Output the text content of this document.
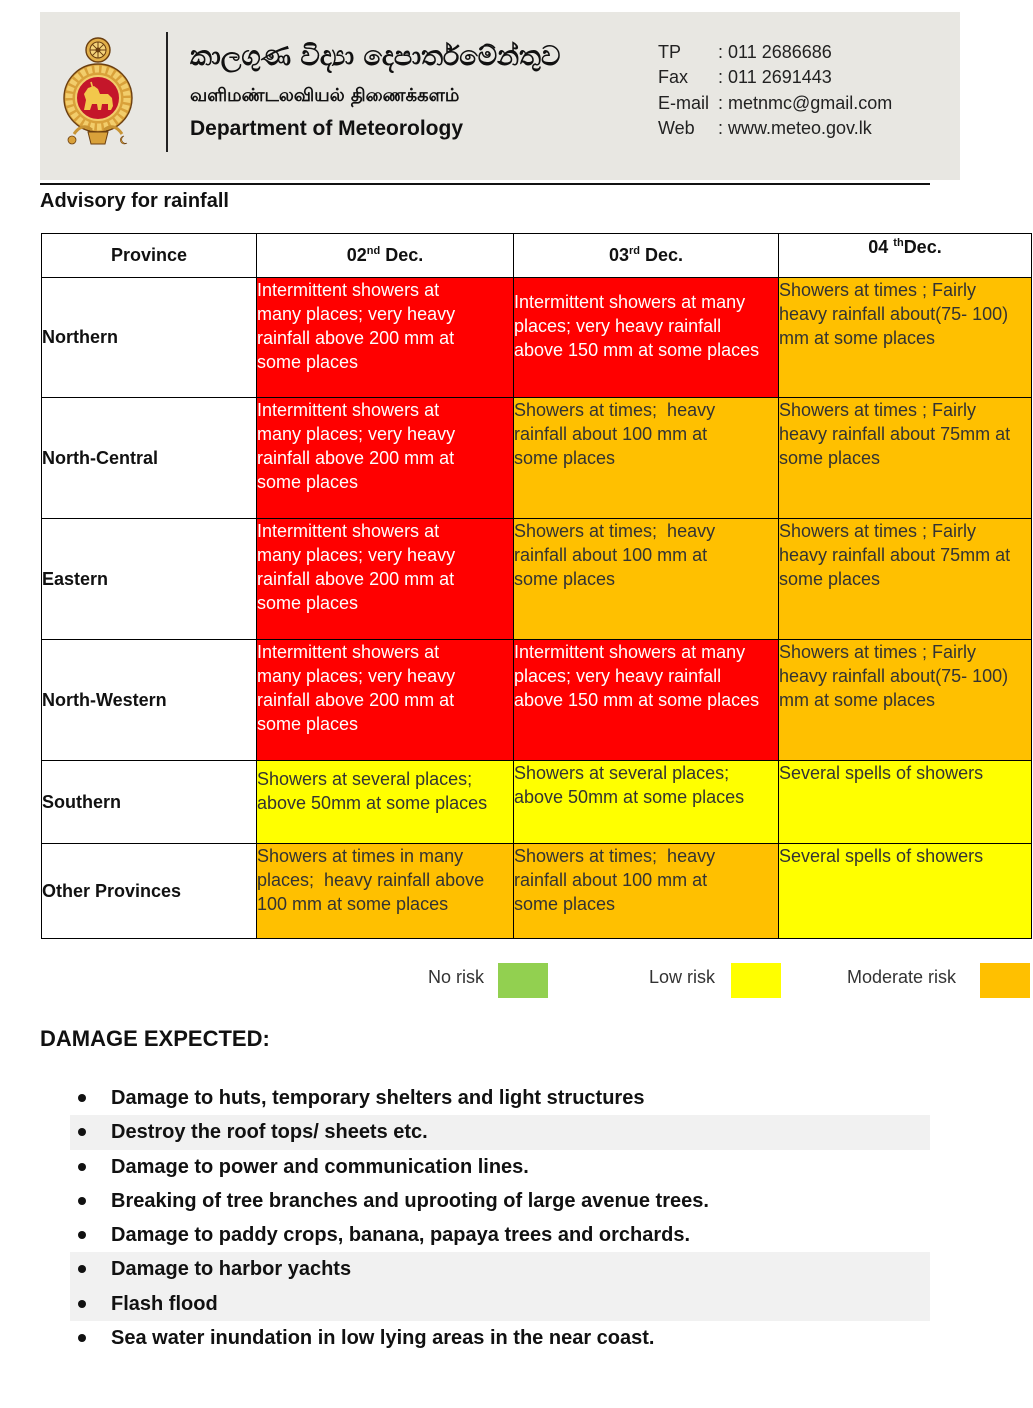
කාලගුණ විද්‍යා දෙපාර්තමේන්තුව
வளிமண்டலவியல் திணைக்களம்
Department of Meteorology
TP : 011 2686686
Fax : 011 2691443
E-mail : metnmc@gmail.com
Web : www.meteo.gov.lk
Advisory for rainfall
Province	02nd Dec.	03rd Dec.	04 $^{th}$Dec.
Northern	Intermittent showers at
many places; very heavy
rainfall above 200 mm at
some places	Intermittent showers at many
places; very heavy rainfall
above 150 mm at some places	Showers at times ; Fairly
heavy rainfall about(75- 100)
mm at some places
North-Central	Intermittent showers at
many places; very heavy
rainfall above 200 mm at
some places	Showers at times;  heavy
rainfall about 100 mm at
some places	Showers at times ; Fairly
heavy rainfall about 75mm at
some places
Eastern	Intermittent showers at
many places; very heavy
rainfall above 200 mm at
some places	Showers at times;  heavy
rainfall about 100 mm at
some places	Showers at times ; Fairly
heavy rainfall about 75mm at
some places
North-Western	Intermittent showers at
many places; very heavy
rainfall above 200 mm at
some places	Intermittent showers at many
places; very heavy rainfall
above 150 mm at some places	Showers at times ; Fairly
heavy rainfall about(75- 100)
mm at some places
Southern	Showers at several places;
above 50mm at some places	Showers at several places;
above 50mm at some places	Several spells of showers
Other Provinces	Showers at times in many
places;  heavy rainfall above
100 mm at some places	Showers at times;  heavy
rainfall about 100 mm at
some places	Several spells of showers
No risk	Low risk	Moderate risk
DAMAGE EXPECTED:
Damage to huts, temporary shelters and light structures
Destroy the roof tops/ sheets etc.
Damage to power and communication lines.
Breaking of tree branches and uprooting of large avenue trees.
Damage to paddy crops, banana, papaya trees and orchards.
Damage to harbor yachts
Flash flood
Sea water inundation in low lying areas in the near coast.
